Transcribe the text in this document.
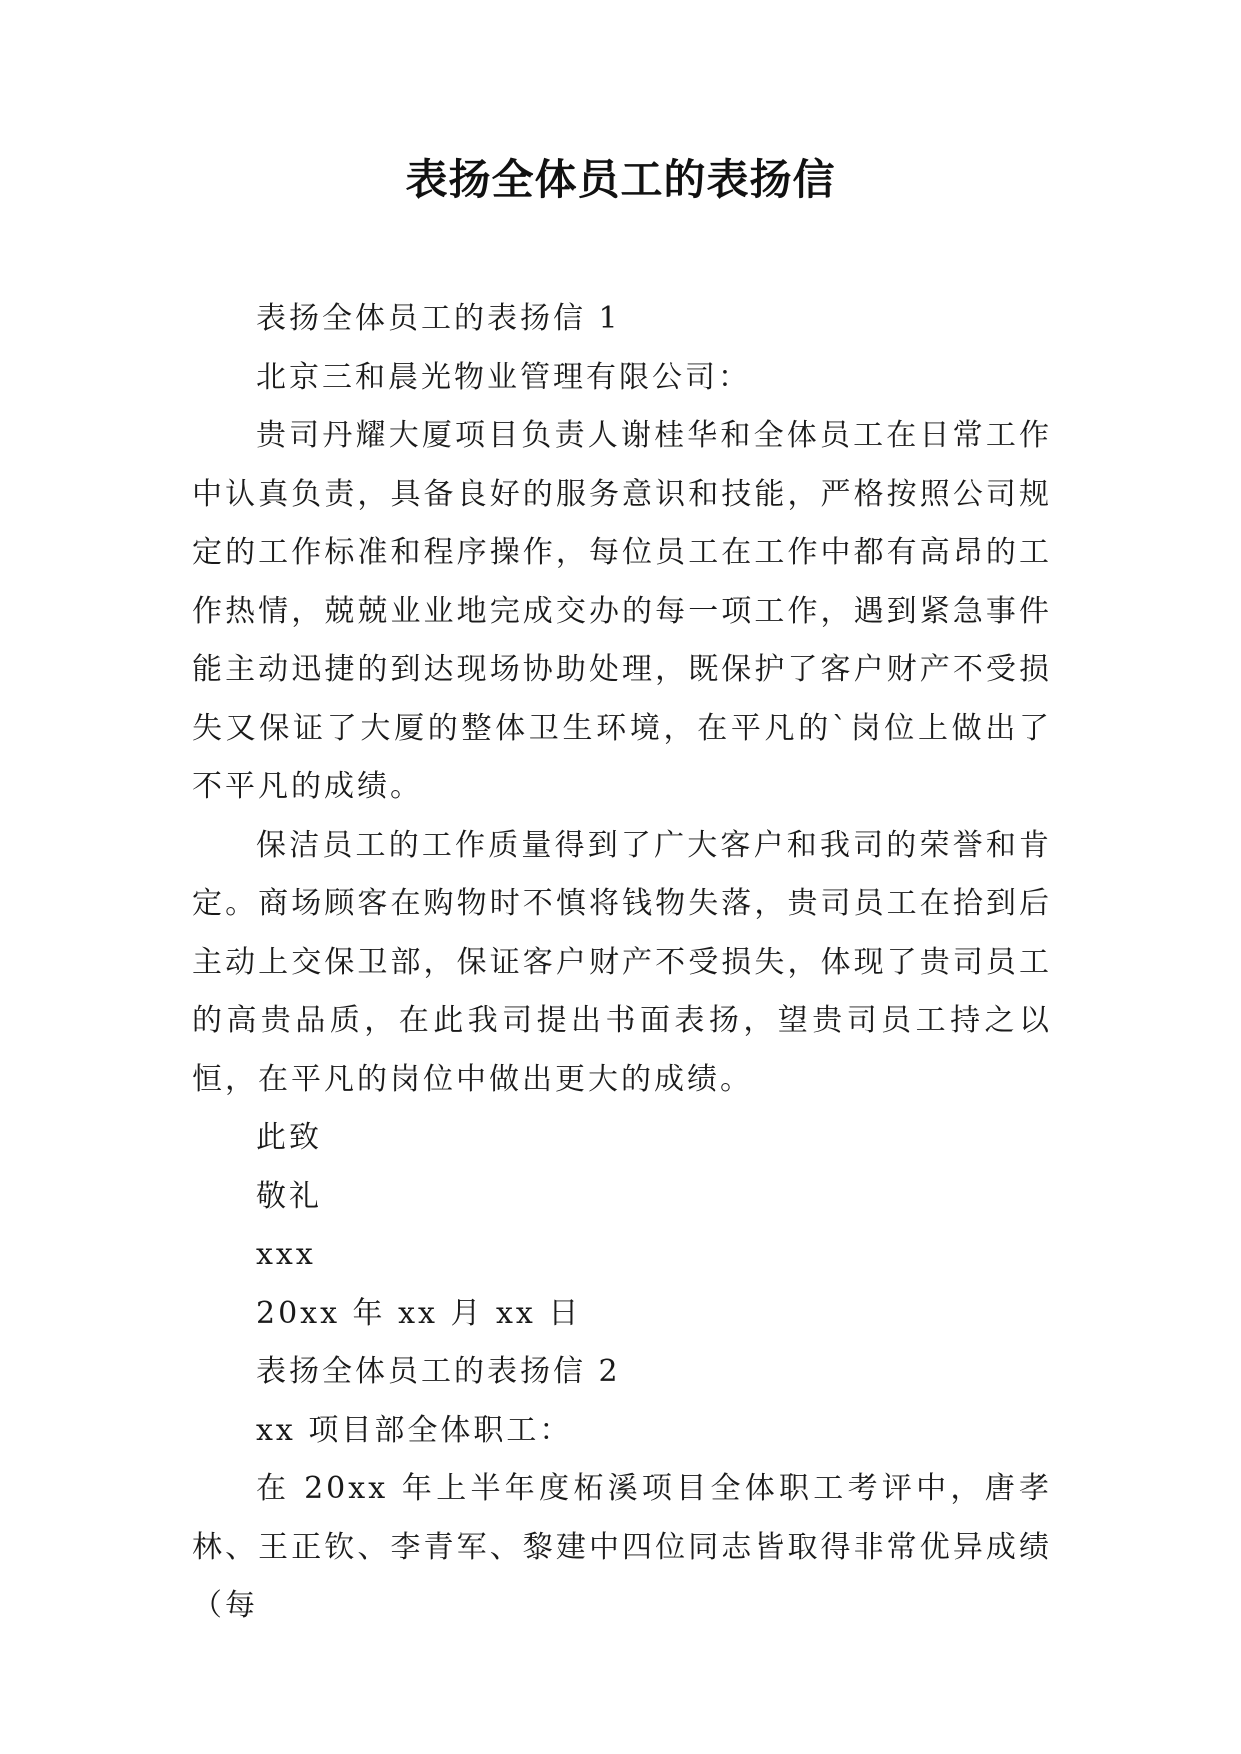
表扬全体员工的表扬信

表扬全体员工的表扬信 1

北京三和晨光物业管理有限公司：

贵司丹耀大厦项目负责人谢桂华和全体员工在日常工作中认真负责，具备良好的服务意识和技能，严格按照公司规定的工作标准和程序操作，每位员工在工作中都有高昂的工作热情，兢兢业业地完成交办的每一项工作，遇到紧急事件能主动迅捷的到达现场协助处理，既保护了客户财产不受损失又保证了大厦的整体卫生环境，在平凡的`岗位上做出了不平凡的成绩。

保洁员工的工作质量得到了广大客户和我司的荣誉和肯定。商场顾客在购物时不慎将钱物失落，贵司员工在拾到后主动上交保卫部，保证客户财产不受损失，体现了贵司员工的高贵品质，在此我司提出书面表扬，望贵司员工持之以恒，在平凡的岗位中做出更大的成绩。

此致

敬礼

xxx

20xx 年 xx 月 xx 日

表扬全体员工的表扬信 2

xx 项目部全体职工：

在 20xx 年上半年度柘溪项目全体职工考评中，唐孝林、王正钦、李青军、黎建中四位同志皆取得非常优异成绩（每
